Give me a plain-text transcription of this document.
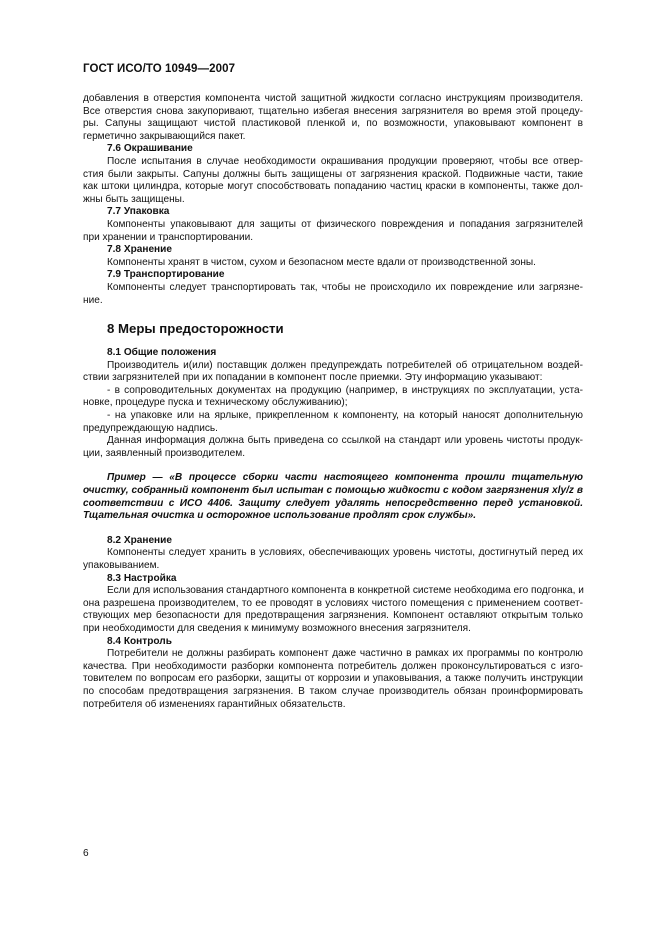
ГОСТ ИСО/ТО 10949—2007

добавления в отверстия компонента чистой защитной жидкости согласно инструкциям производителя.
Все отверстия снова закупоривают, тщательно избегая внесения загрязнителя во время этой процеду-
ры. Сапуны защищают чистой пластиковой пленкой и, по возможности, упаковывают компонент в
герметично закрывающийся пакет.

7.6 Окрашивание

После испытания в случае необходимости окрашивания продукции проверяют, чтобы все отвер-
стия были закрыты. Сапуны должны быть защищены от загрязнения краской. Подвижные части, такие
как штоки цилиндра, которые могут способствовать попаданию частиц краски в компоненты, также дол-
жны быть защищены.

7.7 Упаковка

Компоненты упаковывают для защиты от физического повреждения и попадания загрязнителей
при хранении и транспортировании.

7.8 Хранение

Компоненты хранят в чистом, сухом и безопасном месте вдали от производственной зоны.

7.9 Транспортирование

Компоненты следует транспортировать так, чтобы не происходило их повреждение или загрязне-
ние.

8 Меры предосторожности

8.1 Общие положения

Производитель и(или) поставщик должен предупреждать потребителей об отрицательном воздей-
ствии загрязнителей при их попадании в компонент после приемки. Эту информацию указывают:
- в сопроводительных документах на продукцию (например, в инструкциях по эксплуатации, уста-
новке, процедуре пуска и техническому обслуживанию);
- на упаковке или на ярлыке, прикрепленном к компоненту, на который наносят дополнительную
предупреждающую надпись.
Данная информация должна быть приведена со ссылкой на стандарт или уровень чистоты продук-
ции, заявленный производителем.

Пример — «В процессе сборки части настоящего компонента прошли тщательную
очистку, собранный компонент был испытан с помощью жидкости с кодом загрязнения xly/z в
соответствии с ИСО 4406. Защиту следует удалять непосредственно перед установкой.
Тщательная очистка и осторожное использование продлят срок службы».

8.2 Хранение

Компоненты следует хранить в условиях, обеспечивающих уровень чистоты, достигнутый перед их
упаковыванием.

8.3 Настройка

Если для использования стандартного компонента в конкретной системе необходима его подгонка, и
она разрешена производителем, то ее проводят в условиях чистого помещения с применением соответ-
ствующих мер безопасности для предотвращения загрязнения. Компонент оставляют открытым только
при необходимости для сведения к минимуму возможного внесения загрязнителя.

8.4 Контроль

Потребители не должны разбирать компонент даже частично в рамках их программы по контролю
качества. При необходимости разборки компонента потребитель должен проконсультироваться с изго-
товителем по вопросам его разборки, защиты от коррозии и упаковывания, а также получить инструкции
по способам предотвращения загрязнения. В таком случае производитель обязан проинформировать
потребителя об изменениях гарантийных обязательств.

6
